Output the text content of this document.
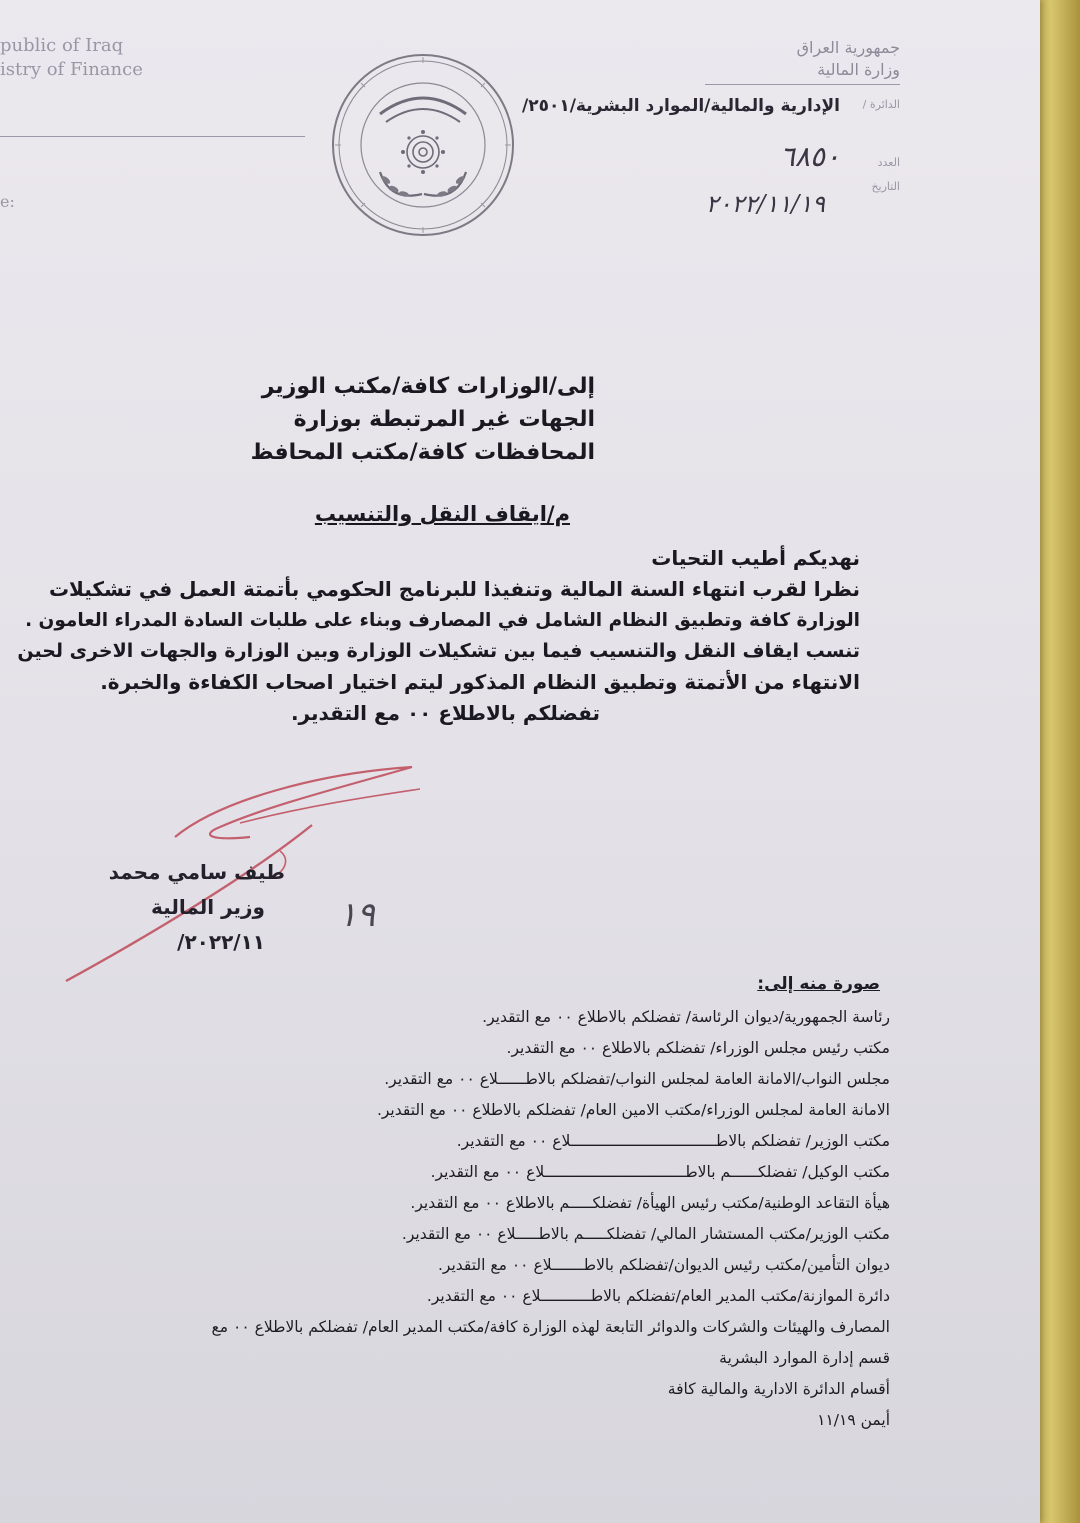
public of Iraq
istry of Finance
e:
جمهورية العراق
وزارة المالية
الدائرة /
الإدارية والمالية/الموارد البشرية/٢٥٠١/
العدد
٦٨٥٠
التاريخ
٢٠٢٢/١١/١٩
إلى/الوزارات كافة/مكتب الوزير
الجهات غير المرتبطة بوزارة
المحافظات كافة/مكتب المحافظ
م/ايقاف النقل والتنسيب
نهديكم أطيب التحيات
نظرا لقرب انتهاء السنة المالية وتنفيذا للبرنامج الحكومي بأتمتة العمل في تشكيلات
الوزارة كافة وتطبيق النظام الشامل في المصارف وبناء على طلبات السادة المدراء العامون .
تنسب ايقاف النقل والتنسيب فيما بين تشكيلات الوزارة وبين الوزارة والجهات الاخرى لحين
الانتهاء من الأتمتة وتطبيق النظام المذكور ليتم اختيار اصحاب الكفاءة والخبرة.
تفضلكم بالاطلاع ٠٠ مع التقدير.
طيف سامي محمد
وزير المالية
٢٠٢٢/١١/
١٩
صورة منه إلى:
رئاسة الجمهورية/ديوان الرئاسة/ تفضلكم بالاطلاع ٠٠ مع التقدير.
مكتب رئيس مجلس الوزراء/ تفضلكم بالاطلاع ٠٠ مع التقدير.
مجلس النواب/الامانة العامة لمجلس النواب/تفضلكم بالاطــــــلاع ٠٠ مع التقدير.
الامانة العامة لمجلس الوزراء/مكتب الامين العام/ تفضلكم بالاطلاع ٠٠ مع التقدير.
مكتب الوزير/ تفضلكم بالاطــــــــــــــــــــــــــــــــلاع ٠٠ مع التقدير.
مكتب الوكيل/ تفضلكــــــم بالاطـــــــــــــــــــــــــــــــلاع ٠٠ مع التقدير.
هيأة التقاعد الوطنية/مكتب رئيس الهيأة/ تفضلكـــــم بالاطلاع ٠٠ مع التقدير.
مكتب الوزير/مكتب المستشار المالي/ تفضلكـــــم بالاطـــــلاع ٠٠ مع التقدير.
ديوان التأمين/مكتب رئيس الديوان/تفضلكم بالاطـــــــلاع ٠٠ مع التقدير.
دائرة الموازنة/مكتب المدير العام/تفضلكم بالاطـــــــــــلاع ٠٠ مع التقدير.
المصارف والهيئات والشركات والدوائر التابعة لهذه الوزارة كافة/مكتب المدير العام/ تفضلكم بالاطلاع ٠٠ مع
قسم إدارة الموارد البشرية
أقسام الدائرة الادارية والمالية كافة
أيمن ١١/١٩
